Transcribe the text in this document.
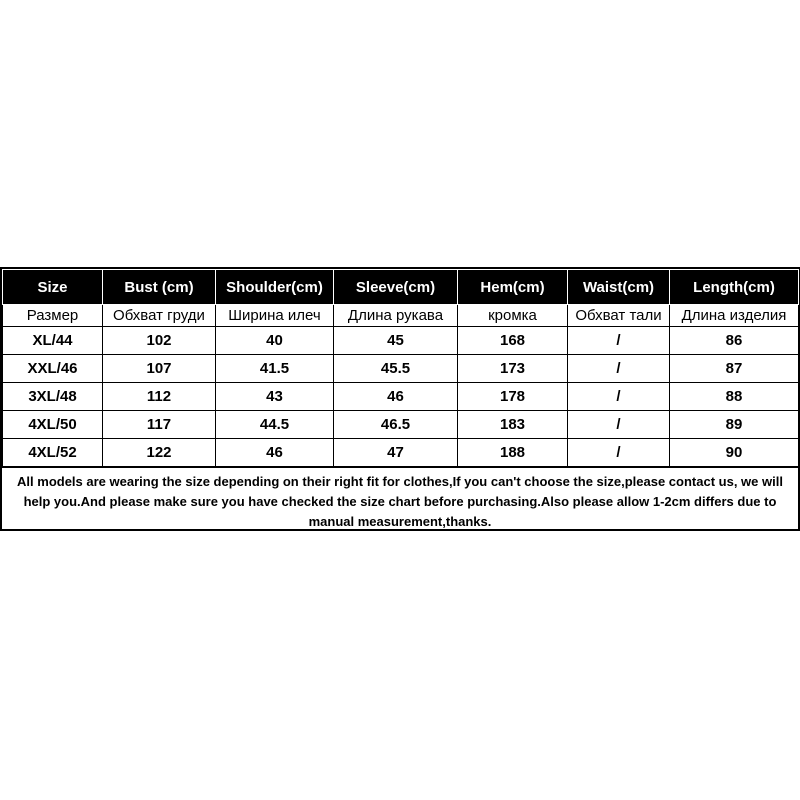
Size	Bust (cm)	Shoulder(cm)	Sleeve(cm)	Hem(cm)	Waist(cm)	Length(cm)
Размер	Обхват груди	Ширина илеч	Длина рукава	кромка	Обхват тали	Длина изделия
XL/44	102	40	45	168	/	86
XXL/46	107	41.5	45.5	173	/	87
3XL/48	112	43	46	178	/	88
4XL/50	117	44.5	46.5	183	/	89
4XL/52	122	46	47	188	/	90
All models are wearing the size depending on their right fit for clothes,If you can't choose the size,please contact us, we will help you.And please make sure you have checked the size chart before purchasing.Also please allow 1-2cm differs due to manual measurement,thanks.
